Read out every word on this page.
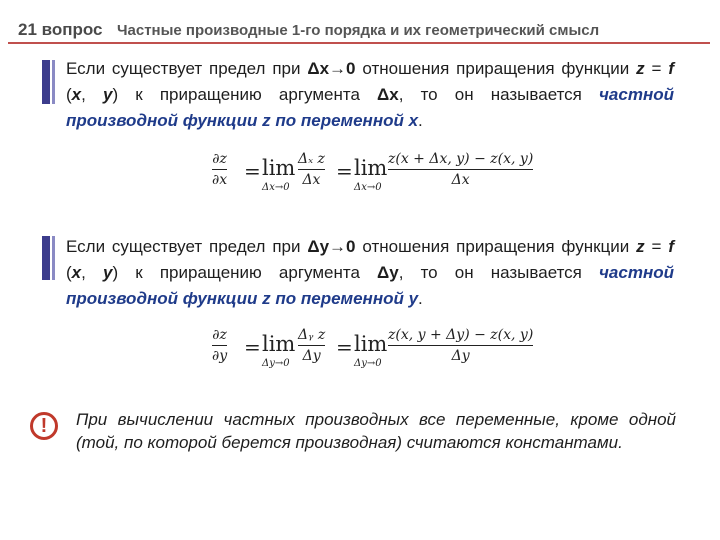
21 вопрос Частные производные 1-го порядка и их геометрический смысл
Если существует предел при Δx→0 отношения приращения функции z = f (x, y) к приращению аргумента Δx, то он называется частной производной функции z по переменной x.
∂z
∂x = lim
Δx→0
Δₓ z
Δx = lim
Δx→0
z(x + Δx, y) − z(x, y)
Δx
Если существует предел при Δy→0 отношения приращения функции z = f (x, y) к приращению аргумента Δy, то он называется частной производной функции z по переменной y.
∂z
∂y = lim
Δy→0
Δᵧ z
Δy = lim
Δy→0
z(x, y + Δy) − z(x, y)
Δy
!	При вычислении частных производных все переменные, кроме одной (той, по которой берется производная) считаются константами.
